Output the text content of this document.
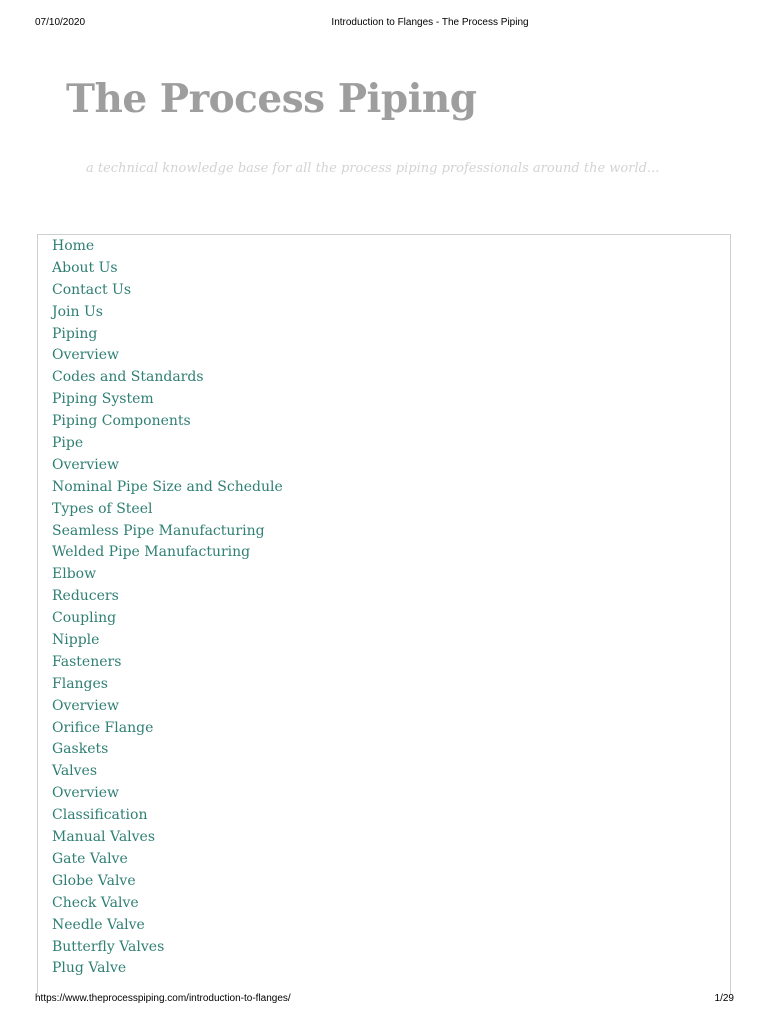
07/10/2020	Introduction to Flanges - The Process Piping
The Process Piping

a technical knowledge base for all the process piping professionals around the world...

Home
About Us
Contact Us
Join Us
Piping
Overview
Codes and Standards
Piping System
Piping Components
Pipe
Overview
Nominal Pipe Size and Schedule
Types of Steel
Seamless Pipe Manufacturing
Welded Pipe Manufacturing
Elbow
Reducers
Coupling
Nipple
Fasteners
Flanges
Overview
Orifice Flange
Gaskets
Valves
Overview
Classification
Manual Valves
Gate Valve
Globe Valve
Check Valve
Needle Valve
Butterfly Valves
Plug Valve
https://www.theprocesspiping.com/introduction-to-flanges/	1/29
